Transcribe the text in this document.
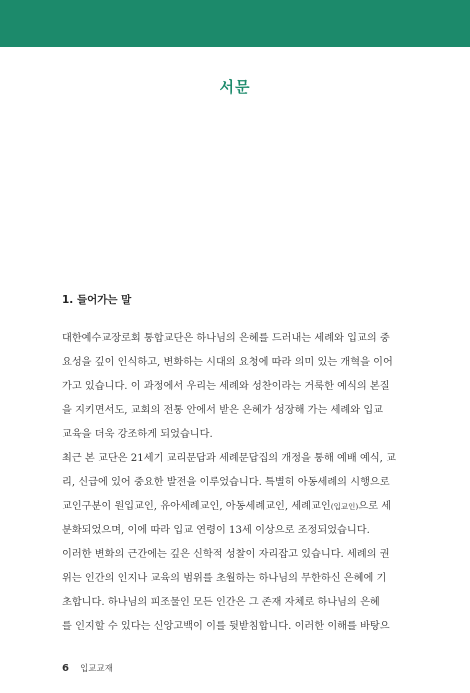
서문
1. 들어가는 말

대한예수교장로회 통합교단은 하나님의 은혜를 드러내는 세례와 입교의 중
요성을 깊이 인식하고, 변화하는 시대의 요청에 따라 의미 있는 개혁을 이어
가고 있습니다. 이 과정에서 우리는 세례와 성찬이라는 거룩한 예식의 본질
을 지키면서도, 교회의 전통 안에서 받은 은혜가 성장해 가는 세례와 입교
교육을 더욱 강조하게 되었습니다.

최근 본 교단은 21세기 교리문답과 세례문답집의 개정을 통해 예배 예식, 교
리, 신급에 있어 중요한 발전을 이루었습니다. 특별히 아동세례의 시행으로
교인구분이 원입교인, 유아세례교인, 아동세례교인, 세례교인(입교인)으로 세
분화되었으며, 이에 따라 입교 연령이 13세 이상으로 조정되었습니다.

이러한 변화의 근간에는 깊은 신학적 성찰이 자리잡고 있습니다. 세례의 권
위는 인간의 인지나 교육의 범위를 초월하는 하나님의 무한하신 은혜에 기
초합니다. 하나님의 피조물인 모든 인간은 그 존재 자체로 하나님의 은혜
를 인지할 수 있다는 신앙고백이 이를 뒷받침합니다. 이러한 이해를 바탕으

6 입교교재
